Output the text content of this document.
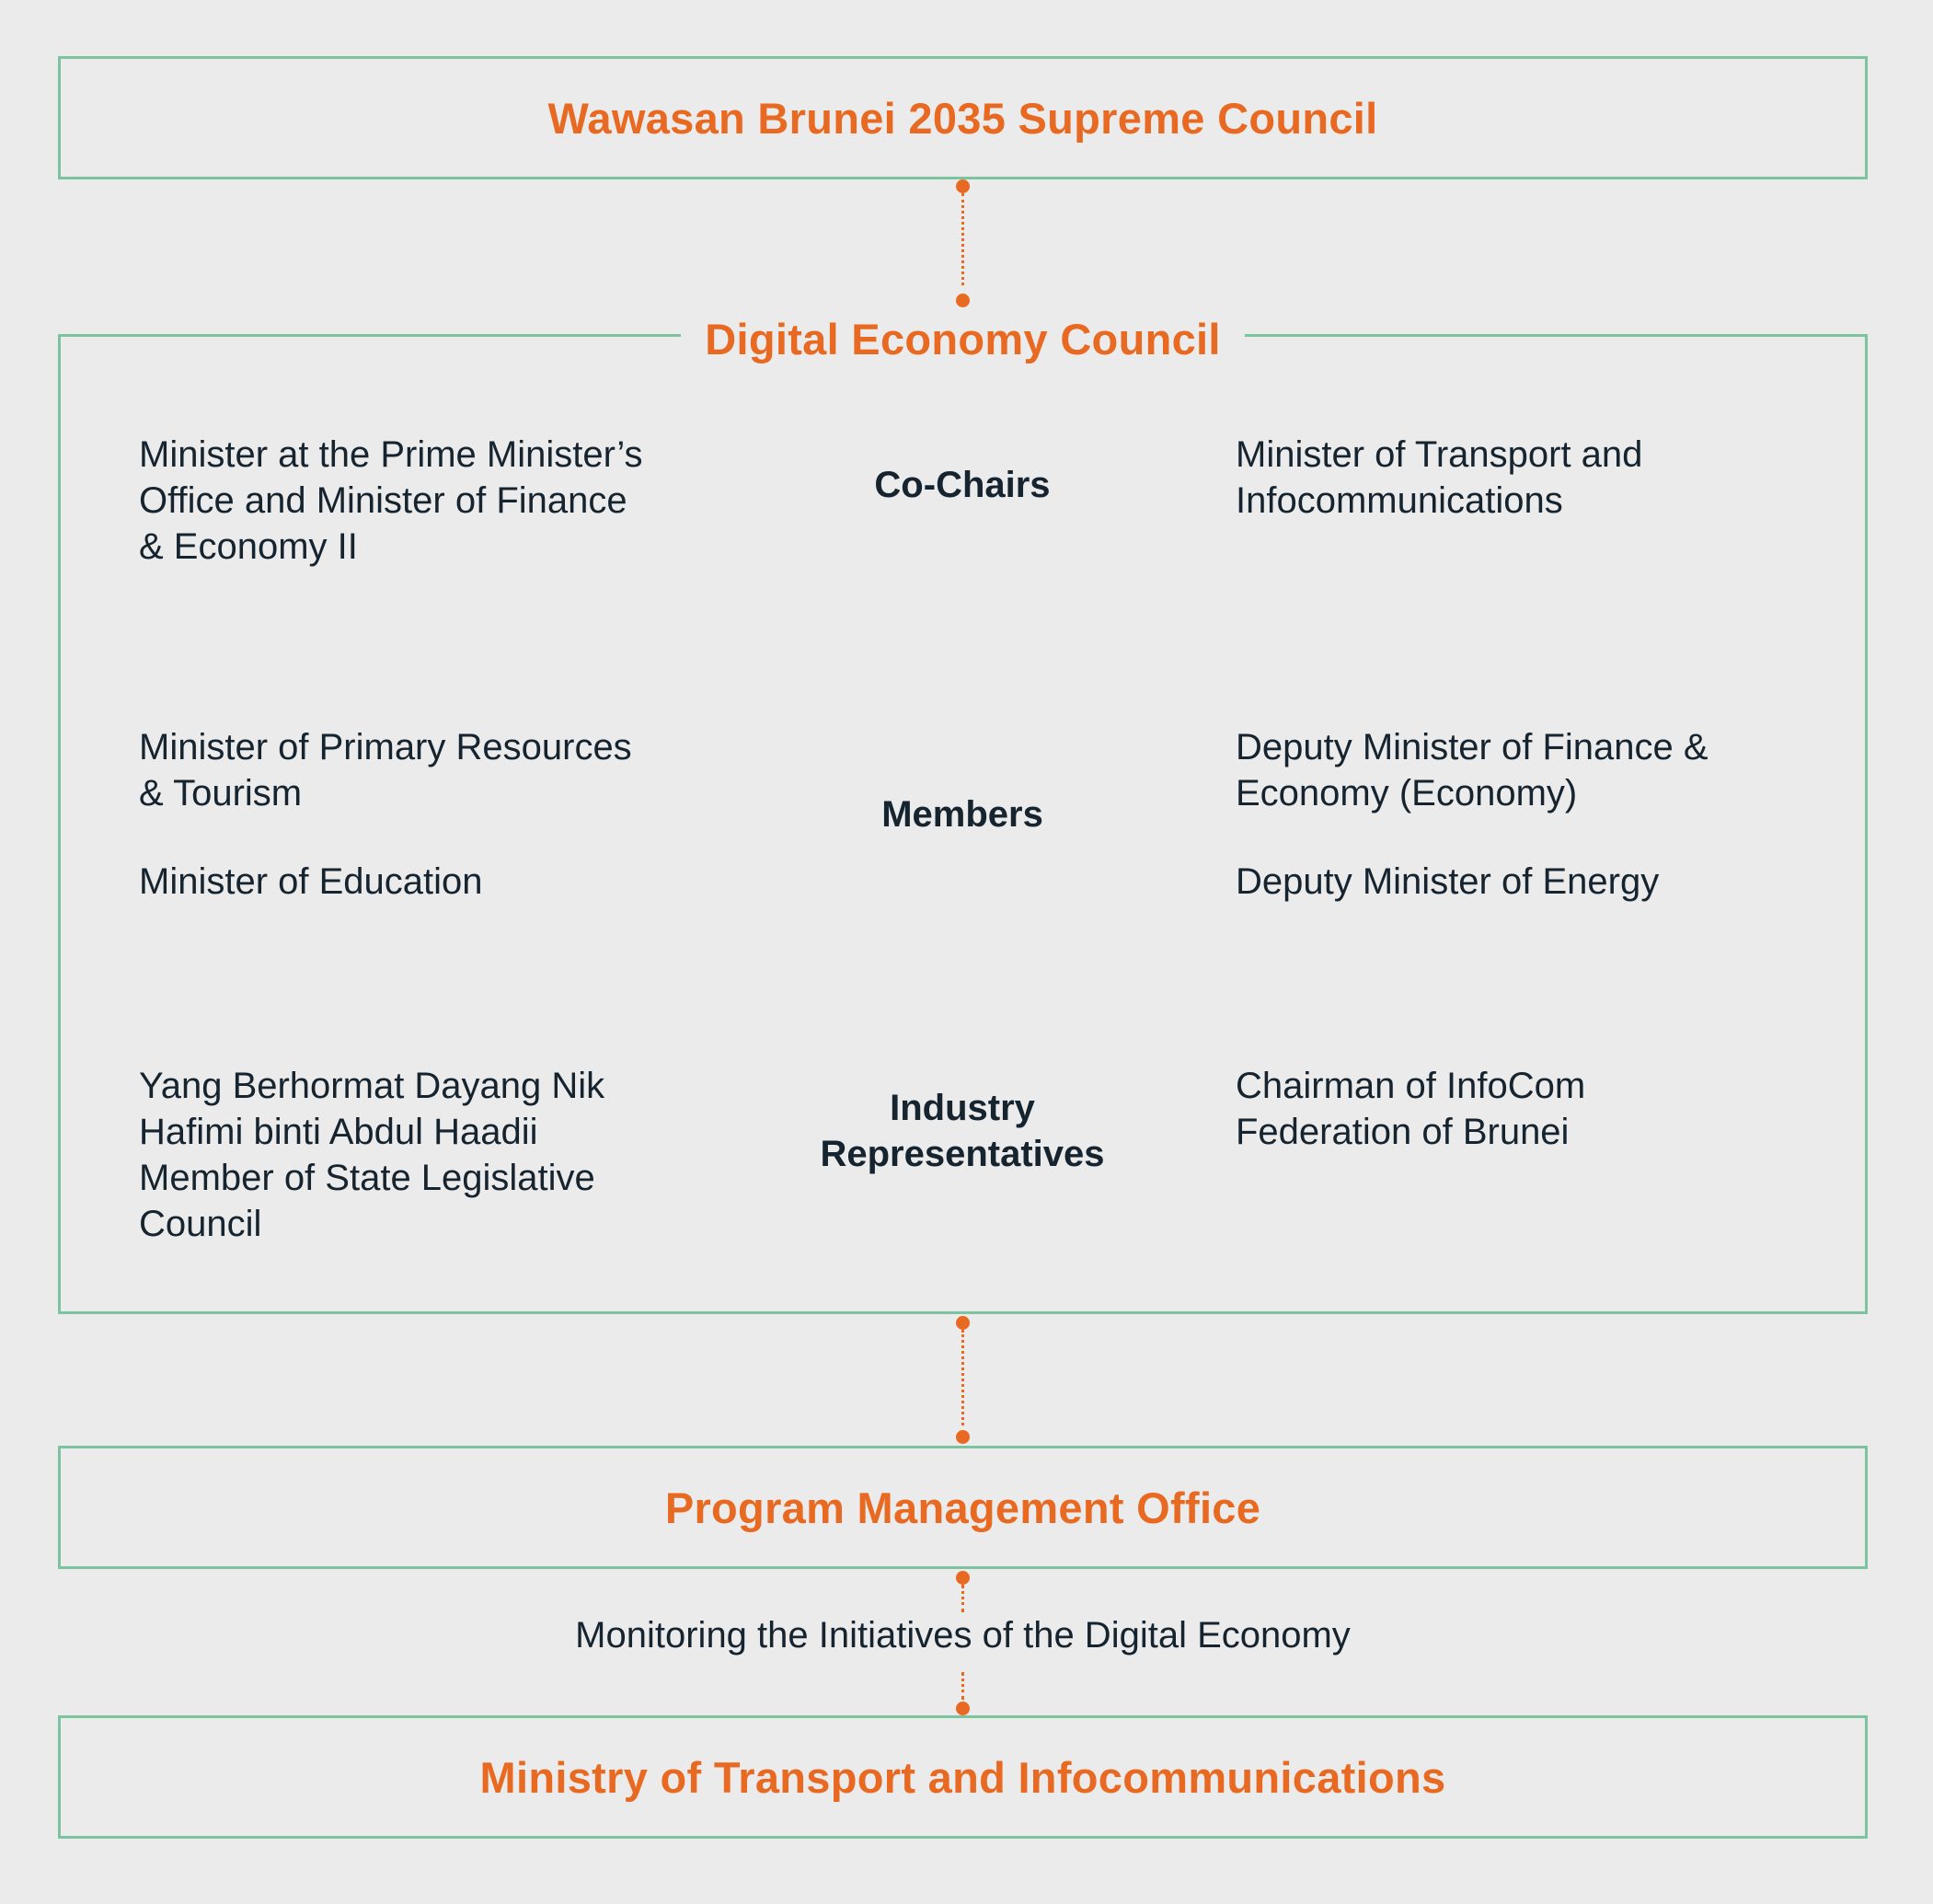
Wawasan Brunei 2035 Supreme Council
Digital Economy Council
Minister at the Prime Minister’s
Office and Minister of Finance
& Economy II
Co-Chairs
Minister of Transport and
Infocommunications
Minister of Primary Resources
& Tourism
Minister of Education
Members
Deputy Minister of Finance &
Economy (Economy)
Deputy Minister of Energy
Yang Berhormat Dayang Nik
Hafimi binti Abdul Haadii
Member of State Legislative
Council
Industry
Representatives
Chairman of InfoCom
Federation of Brunei
Program Management Office
Monitoring the Initiatives of the Digital Economy
Ministry of Transport and Infocommunications
